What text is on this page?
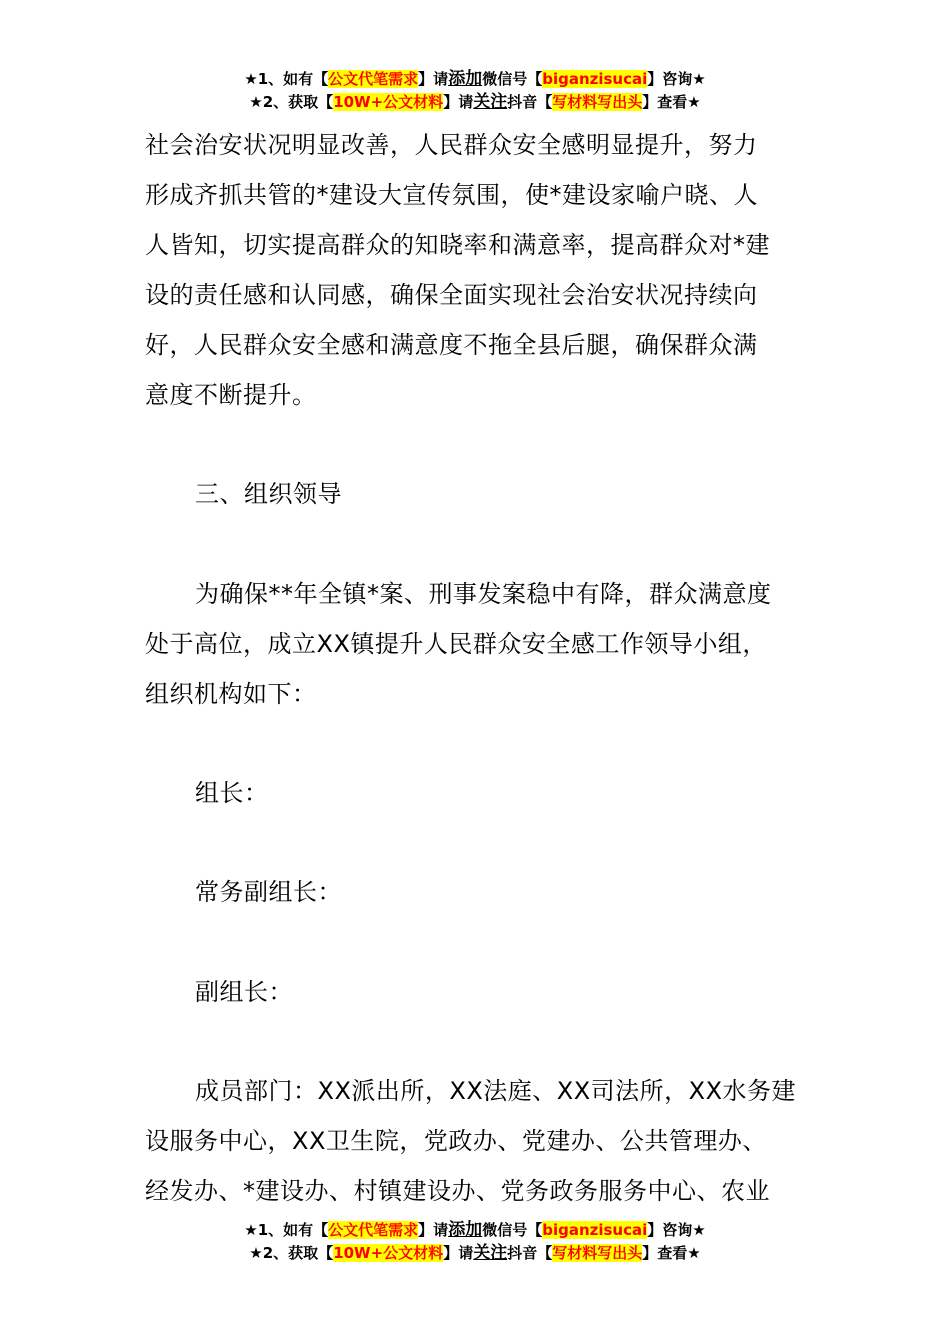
★1、如有【公文代笔需求】请添加微信号【biganzisucai】咨询★
★2、获取【10W+公文材料】请关注抖音【写材料写出头】查看★
社会治安状况明显改善，人民群众安全感明显提升，努力
形成齐抓共管的*建设大宣传氛围，使*建设家喻户晓、人
人皆知，切实提高群众的知晓率和满意率，提高群众对*建
设的责任感和认同感，确保全面实现社会治安状况持续向
好，人民群众安全感和满意度不拖全县后腿，确保群众满
意度不断提升。
三、组织领导
为确保**年全镇*案、刑事发案稳中有降，群众满意度
处于高位，成立XX镇提升人民群众安全感工作领导小组，
组织机构如下：
组长：
常务副组长：
副组长：
成员部门：XX派出所，XX法庭、XX司法所，XX水务建
设服务中心，XX卫生院，党政办、党建办、公共管理办、
经发办、*建设办、村镇建设办、党务政务服务中心、农业
★1、如有【公文代笔需求】请添加微信号【biganzisucai】咨询★
★2、获取【10W+公文材料】请关注抖音【写材料写出头】查看★
